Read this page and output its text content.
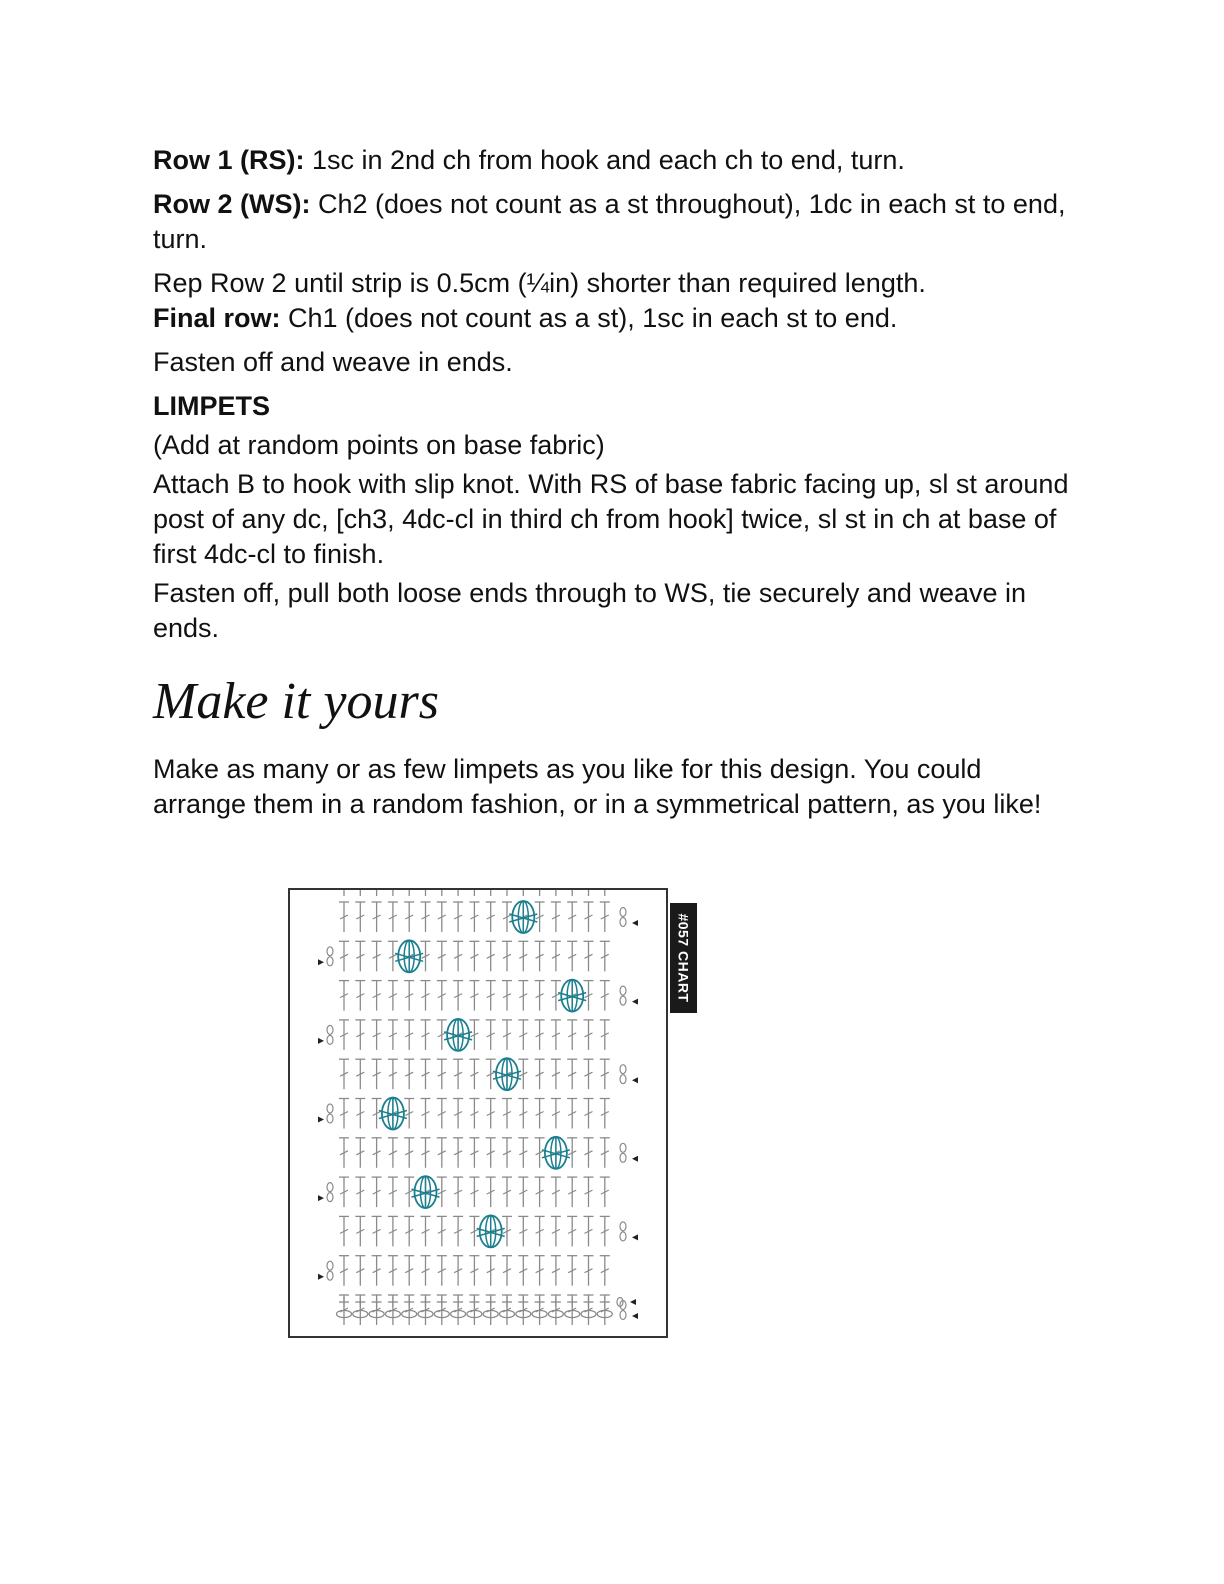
Row 1 (RS): 1sc in 2nd ch from hook and each ch to end, turn.

Row 2 (WS): Ch2 (does not count as a st throughout), 1dc in each st to end, turn.

Rep Row 2 until strip is 0.5cm (¼in) shorter than required length.

Final row: Ch1 (does not count as a st), 1sc in each st to end.

Fasten off and weave in ends.

LIMPETS

(Add at random points on base fabric)

Attach B to hook with slip knot. With RS of base fabric facing up, sl st around post of any dc, [ch3, 4dc-cl in third ch from hook] twice, sl st in ch at base of first 4dc-cl to finish.

Fasten off, pull both loose ends through to WS, tie securely and weave in ends.

Make it yours
Make as many or as few limpets as you like for this design. You could arrange them in a random fashion, or in a symmetrical pattern, as you like!
#057 CHART
